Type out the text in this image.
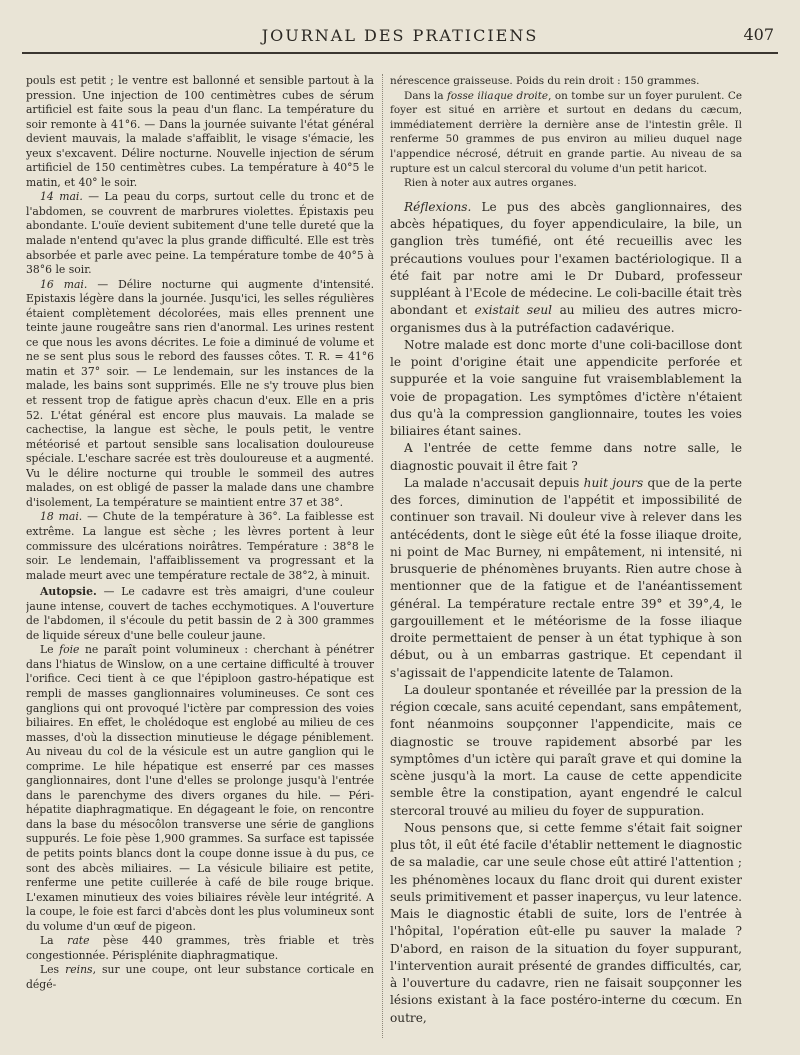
JOURNAL DES PRATICIENS	407

pouls est petit ; le ventre est ballonné et sensible partout à la pression. Une injection de 100 centimètres cubes de sérum artificiel est faite sous la peau d'un flanc. La température du soir remonte à 41°6. — Dans la journée suivante l'état général devient mauvais, la malade s'affaiblit, le visage s'émacie, les yeux s'excavent. Délire nocturne. Nouvelle injection de sérum artificiel de 150 centimètres cubes. La température à 40°5 le matin, et 40° le soir.

14 mai. — La peau du corps, surtout celle du tronc et de l'abdomen, se couvrent de marbrures violettes. Épistaxis peu abondante. L'ouïe devient subitement d'une telle dureté que la malade n'entend qu'avec la plus grande difficulté. Elle est très absorbée et parle avec peine. La température tombe de 40°5 à 38°6 le soir.

16 mai. — Délire nocturne qui augmente d'intensité. Epistaxis légère dans la journée. Jusqu'ici, les selles régulières étaient complètement décolorées, mais elles prennent une teinte jaune rougeâtre sans rien d'anormal. Les urines restent ce que nous les avons décrites. Le foie a diminué de volume et ne se sent plus sous le rebord des fausses côtes. T. R. = 41°6 matin et 37° soir. — Le lendemain, sur les instances de la malade, les bains sont supprimés. Elle ne s'y trouve plus bien et ressent trop de fatigue après chacun d'eux. Elle en a pris 52. L'état général est encore plus mauvais. La malade se cachectise, la langue est sèche, le pouls petit, le ventre météorisé et partout sensible sans localisation douloureuse spéciale. L'eschare sacrée est très douloureuse et a augmenté. Vu le délire nocturne qui trouble le sommeil des autres malades, on est obligé de passer la malade dans une chambre d'isolement, La température se maintient entre 37 et 38°.

18 mai. — Chute de la température à 36°. La faiblesse est extrême. La langue est sèche ; les lèvres portent à leur commissure des ulcérations noirâtres. Température : 38°8 le soir. Le lendemain, l'affaiblissement va progressant et la malade meurt avec une température rectale de 38°2, à minuit.

Autopsie. — Le cadavre est très amaigri, d'une couleur jaune intense, couvert de taches ecchymotiques. A l'ouverture de l'abdomen, il s'écoule du petit bassin de 2 à 300 grammes de liquide séreux d'une belle couleur jaune.

Le foie ne paraît point volumineux : cherchant à pénétrer dans l'hiatus de Winslow, on a une certaine difficulté à trouver l'orifice. Ceci tient à ce que l'épiploon gastro-hépatique est rempli de masses ganglionnaires volumineuses. Ce sont ces ganglions qui ont provoqué l'ictère par compression des voies biliaires. En effet, le cholédoque est englobé au milieu de ces masses, d'où la dissection minutieuse le dégage péniblement. Au niveau du col de la vésicule est un autre ganglion qui le comprime. Le hile hépatique est enserré par ces masses ganglionnaires, dont l'une d'elles se prolonge jusqu'à l'entrée dans le parenchyme des divers organes du hile. — Péri-hépatite diaphragmatique. En dégageant le foie, on rencontre dans la base du mésocôlon transverse une série de ganglions suppurés. Le foie pèse 1,900 grammes. Sa surface est tapissée de petits points blancs dont la coupe donne issue à du pus, ce sont des abcès miliaires. — La vésicule biliaire est petite, renferme une petite cuillerée à café de bile rouge brique. L'examen minutieux des voies biliaires révèle leur intégrité. A la coupe, le foie est farci d'abcès dont les plus volumineux sont du volume d'un œuf de pigeon.

La rate pèse 440 grammes, très friable et très congestionnée. Périsplénite diaphragmatique.

Les reins, sur une coupe, ont leur substance corticale en dégé-

nérescence graisseuse. Poids du rein droit : 150 grammes.

Dans la fosse iliaque droite, on tombe sur un foyer purulent. Ce foyer est situé en arrière et surtout en dedans du cæcum, immédiatement derrière la dernière anse de l'intestin grêle. Il renferme 50 grammes de pus environ au milieu duquel nage l'appendice nécrosé, détruit en grande partie. Au niveau de sa rupture est un calcul stercoral du volume d'un petit haricot.

Rien à noter aux autres organes.

Réflexions. Le pus des abcès ganglionnaires, des abcès hépatiques, du foyer appendiculaire, la bile, un ganglion très tuméfié, ont été recueillis avec les précautions voulues pour l'examen bactériologique. Il a été fait par notre ami le Dr Dubard, professeur suppléant à l'Ecole de médecine. Le coli-bacille était très abondant et existait seul au milieu des autres micro-organismes dus à la putréfaction cadavérique.

Notre malade est donc morte d'une coli-bacillose dont le point d'origine était une appendicite perforée et suppurée et la voie sanguine fut vraisemblablement la voie de propagation. Les symptômes d'ictère n'étaient dus qu'à la compression ganglionnaire, toutes les voies biliaires étant saines.

A l'entrée de cette femme dans notre salle, le diagnostic pouvait il être fait ?

La malade n'accusait depuis huit jours que de la perte des forces, diminution de l'appétit et impossibilité de continuer son travail. Ni douleur vive à relever dans les antécédents, dont le siège eût été la fosse iliaque droite, ni point de Mac Burney, ni empâtement, ni intensité, ni brusquerie de phénomènes bruyants. Rien autre chose à mentionner que de la fatigue et de l'anéantissement général. La température rectale entre 39° et 39°,4, le gargouillement et le météorisme de la fosse iliaque droite permettaient de penser à un état typhique à son début, ou à un embarras gastrique. Et cependant il s'agissait de l'appendicite latente de Talamon.

La douleur spontanée et réveillée par la pression de la région cœcale, sans acuité cependant, sans empâtement, font néanmoins soupçonner l'appendicite, mais ce diagnostic se trouve rapidement absorbé par les symptômes d'un ictère qui paraît grave et qui domine la scène jusqu'à la mort. La cause de cette appendicite semble être la constipation, ayant engendré le calcul stercoral trouvé au milieu du foyer de suppuration.

Nous pensons que, si cette femme s'était fait soigner plus tôt, il eût été facile d'établir nettement le diagnostic de sa maladie, car une seule chose eût attiré l'attention ; les phénomènes locaux du flanc droit qui durent exister seuls primitivement et passer inaperçus, vu leur latence. Mais le diagnostic établi de suite, lors de l'entrée à l'hôpital, l'opération eût-elle pu sauver la malade ? D'abord, en raison de la situation du foyer suppurant, l'intervention aurait présenté de grandes difficultés, car, à l'ouverture du cadavre, rien ne faisait soupçonner les lésions existant à la face postéro-interne du cœcum. En outre,
